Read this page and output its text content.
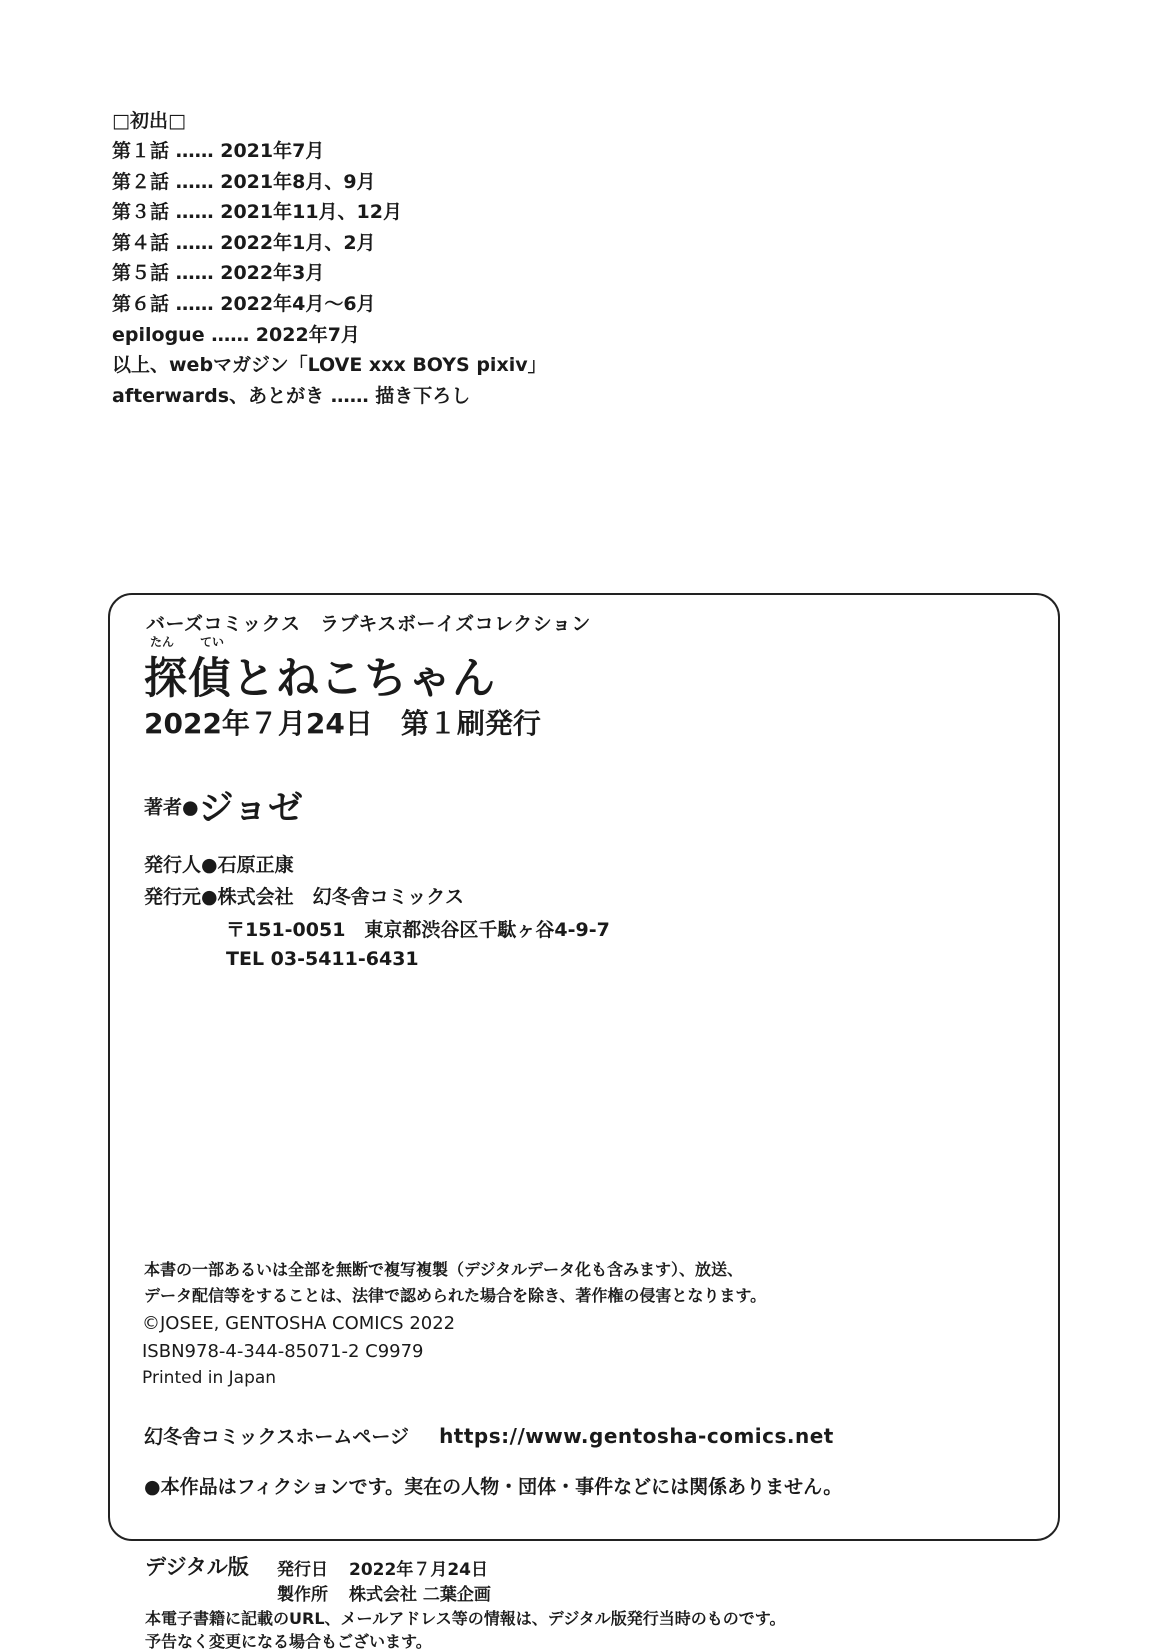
□初出□
第１話 …… 2021年7月
第２話 …… 2021年8月、9月
第３話 …… 2021年11月、12月
第４話 …… 2022年1月、2月
第５話 …… 2022年3月
第６話 …… 2022年4月〜6月
epilogue …… 2022年7月
以上、webマガジン「LOVE xxx BOYS pixiv」
afterwards、あとがき …… 描き下ろし
バーズコミックス　ラブキスボーイズコレクション
たん てい
探偵とねこちゃん
2022年７月24日　第１刷発行
著者●ジョゼ
発行人●石原正康
発行元●株式会社　幻冬舎コミックス
〒151-0051　東京都渋谷区千駄ヶ谷4-9-7
TEL 03-5411-6431
本書の一部あるいは全部を無断で複写複製（デジタルデータ化も含みます）、放送、
データ配信等をすることは、法律で認められた場合を除き、著作権の侵害となります。
©JOSEE, GENTOSHA COMICS 2022
ISBN978-4-344-85071-2 C9979
Printed in Japan
幻冬舎コミックスホームページ https://www.gentosha-comics.net
●本作品はフィクションです。実在の人物・団体・事件などには関係ありません。
デジタル版 発行日 2022年７月24日
製作所 株式会社 二葉企画
本電子書籍に記載のURL、メールアドレス等の情報は、デジタル版発行当時のものです。
予告なく変更になる場合もございます。
